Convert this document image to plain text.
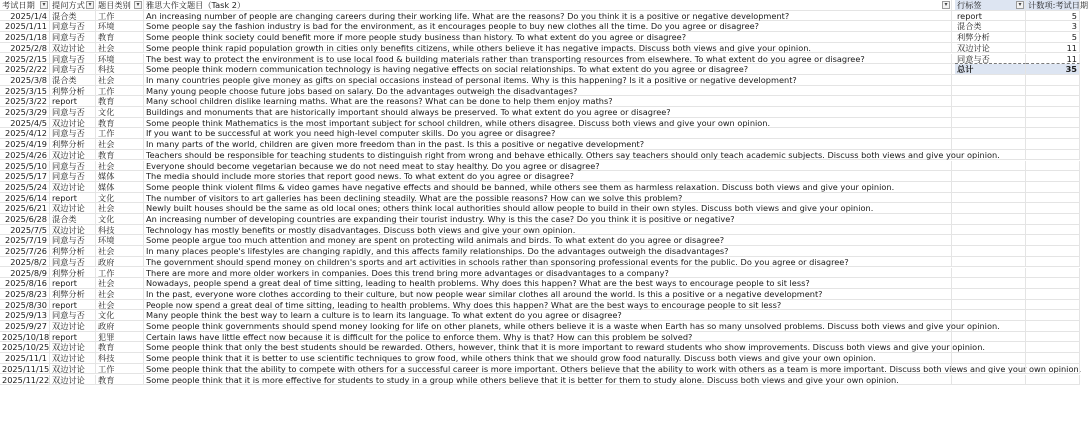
考试日期	▾ 提问方式 ▾ 题目类别 ▾ 雅思大作文题目（Task 2）	▾	行标签	▾ 计数项:考试日期
2025/1/4 混合类	工作	An increasing number of people are changing careers during their working life. What are the reasons? Do you think it is a positive or negative development?	report	5
2025/1/11 同意与否	环境	Some people say the fashion industry is bad for the environment, as it encourages people to buy new clothes all the time. Do you agree or disagree?	混合类	3
2025/1/18 同意与否	教育	Some people think society could benefit more if more people study business than history. To what extent do you agree or disagree?	利弊分析	5
2025/2/8 双边讨论	社会	Some people think rapid population growth in cities only benefits citizens, while others believe it has negative impacts. Discuss both views and give your opinion.	双边讨论	11
2025/2/15 同意与否	环境	The best way to protect the environment is to use local food & building materials rather than transporting resources from elsewhere. To what extent do you agree or disagree?	同意与否	11
2025/2/22 同意与否	科技	Some people think modern communication technology is having negative effects on social relationships. To what extent do you agree or disagree?	总计	35
2025/3/8 混合类	社会	In many countries people give money as gifts on special occasions instead of personal items. Why is this happening? Is it a positive or negative development?
2025/3/15 利弊分析	工作	Many young people choose future jobs based on salary. Do the advantages outweigh the disadvantages?
2025/3/22 report	教育	Many school children dislike learning maths. What are the reasons? What can be done to help them enjoy maths?
2025/3/29 同意与否	文化	Buildings and monuments that are historically important should always be preserved. To what extent do you agree or disagree?
2025/4/5 双边讨论	教育	Some people think Mathematics is the most important subject for school children, while others disagree. Discuss both views and give your own opinion.
2025/4/12 同意与否	工作	If you want to be successful at work you need high-level computer skills. Do you agree or disagree?
2025/4/19 利弊分析	社会	In many parts of the world, children are given more freedom than in the past. Is this a positive or negative development?
2025/4/26 双边讨论	教育	Teachers should be responsible for teaching students to distinguish right from wrong and behave ethically. Others say teachers should only teach academic subjects. Discuss both views and give your opinion.
2025/5/10 同意与否	社会	Everyone should become vegetarian because we do not need meat to stay healthy. Do you agree or disagree?
2025/5/17 同意与否	媒体	The media should include more stories that report good news. To what extent do you agree or disagree?
2025/5/24 双边讨论	媒体	Some people think violent films & video games have negative effects and should be banned, while others see them as harmless relaxation. Discuss both views and give your opinion.
2025/6/14 report	文化	The number of visitors to art galleries has been declining steadily. What are the possible reasons? How can we solve this problem?
2025/6/21 双边讨论	社会	Newly built houses should be the same as old local ones; others think local authorities should allow people to build in their own styles. Discuss both views and give your opinion.
2025/6/28 混合类	文化	An increasing number of developing countries are expanding their tourist industry. Why is this the case? Do you think it is positive or negative?
2025/7/5 双边讨论	科技	Technology has mostly benefits or mostly disadvantages. Discuss both views and give your own opinion.
2025/7/19 同意与否	环境	Some people argue too much attention and money are spent on protecting wild animals and birds. To what extent do you agree or disagree?
2025/7/26 利弊分析	社会	In many places people's lifestyles are changing rapidly, and this affects family relationships. Do the advantages outweigh the disadvantages?
2025/8/2 同意与否	政府	The government should spend money on children's sports and art activities in schools rather than sponsoring professional events for the public. Do you agree or disagree?
2025/8/9 利弊分析	工作	There are more and more older workers in companies. Does this trend bring more advantages or disadvantages to a company?
2025/8/16 report	社会	Nowadays, people spend a great deal of time sitting, leading to health problems. Why does this happen? What are the best ways to encourage people to sit less?
2025/8/23 利弊分析	社会	In the past, everyone wore clothes according to their culture, but now people wear similar clothes all around the world. Is this a positive or a negative development?
2025/8/30 report	社会	People now spend a great deal of time sitting, leading to health problems. Why does this happen? What are the best ways to encourage people to sit less?
2025/9/13 同意与否	文化	Many people think the best way to learn a culture is to learn its language. To what extent do you agree or disagree?
2025/9/27 双边讨论	政府	Some people think governments should spend money looking for life on other planets, while others believe it is a waste when Earth has so many unsolved problems. Discuss both views and give your opinion.
2025/10/18 report	犯罪	Certain laws have little effect now because it is difficult for the police to enforce them. Why is that? How can this problem be solved?
2025/10/25 双边讨论	教育	Some people think that only the best students should be rewarded. Others, however, think that it is more important to reward students who show improvements. Discuss both views and give your opinion.
2025/11/1 双边讨论	科技	Some people think that it is better to use scientific techniques to grow food, while others think that we should grow food naturally. Discuss both views and give your own opinion.
2025/11/15 双边讨论	工作	Some people think that the ability to compete with others for a successful career is more important. Others believe that the ability to work with others as a team is more important. Discuss both views and give your own opinion.
2025/11/22 双边讨论	教育	Some people think that it is more effective for students to study in a group while others believe that it is better for them to study alone. Discuss both views and give your own opinion.
